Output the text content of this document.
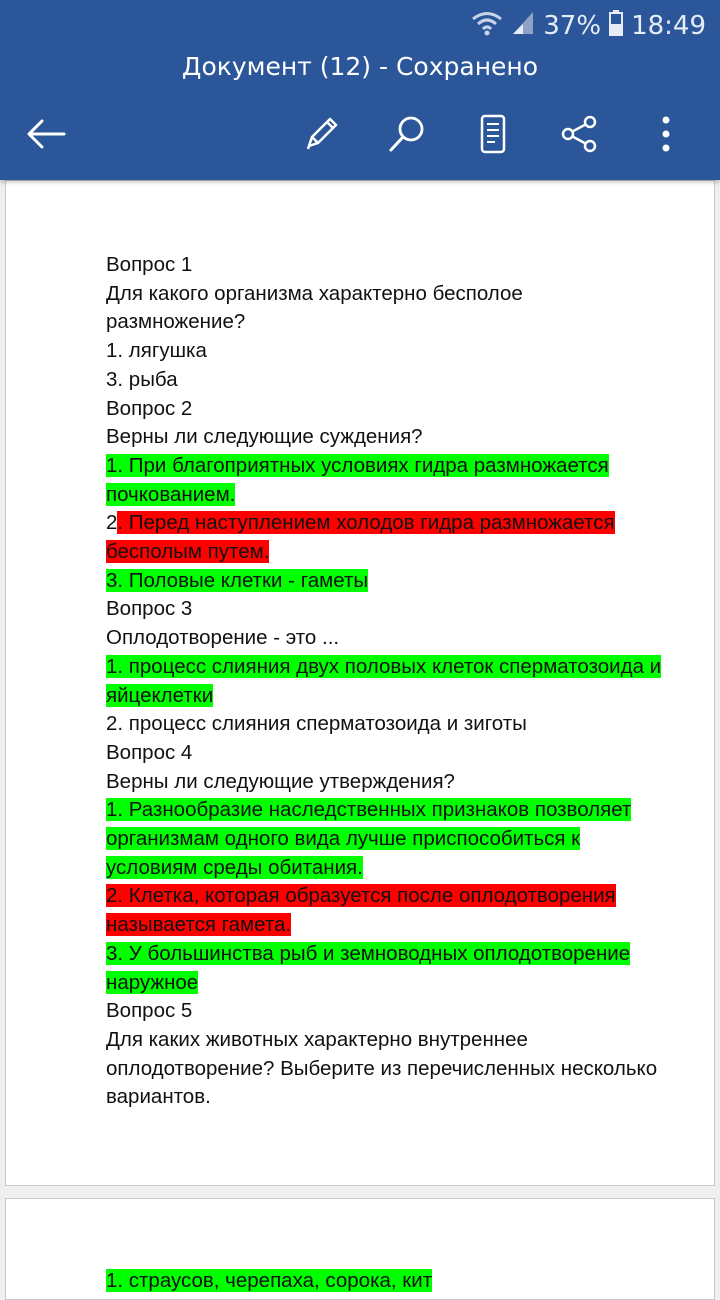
37% 18:49
Документ (12) - Сохранено

Вопрос 1

Для какого организма характерно бесполое размножение?

1. лягушка

3. рыба

Вопрос 2

Верны ли следующие суждения?

1. При благоприятных условиях гидра размножается почкованием.

2. Перед наступлением холодов гидра размножается бесполым путем.

3. Половые клетки - гаметы

Вопрос 3

Оплодотворение - это ...

1. процесс слияния двух половых клеток сперматозоида и яйцеклетки

2. процесс слияния сперматозоида и зиготы

Вопрос 4

Верны ли следующие утверждения?

1. Разнообразие наследственных признаков позволяет организмам одного вида лучше приспособиться к условиям среды обитания.

2. Клетка, которая образуется после оплодотворения называется гамета.

3. У большинства рыб и земноводных оплодотворение наружное

Вопрос 5

Для каких животных характерно внутреннее оплодотворение? Выберите из перечисленных несколько вариантов.

1. страусов, черепаха, сорока, кит
